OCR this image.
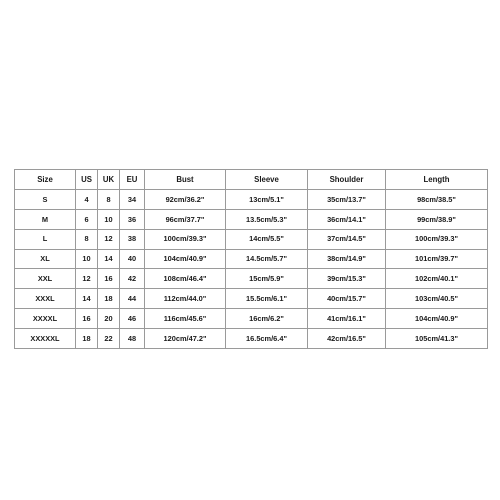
Size	US	UK	EU	Bust	Sleeve	Shoulder	Length
S	4	8	34	92cm/36.2"	13cm/5.1"	35cm/13.7"	98cm/38.5"
M	6	10	36	96cm/37.7"	13.5cm/5.3"	36cm/14.1"	99cm/38.9"
L	8	12	38	100cm/39.3"	14cm/5.5"	37cm/14.5"	100cm/39.3"
XL	10	14	40	104cm/40.9"	14.5cm/5.7"	38cm/14.9"	101cm/39.7"
XXL	12	16	42	108cm/46.4"	15cm/5.9"	39cm/15.3"	102cm/40.1"
XXXL	14	18	44	112cm/44.0"	15.5cm/6.1"	40cm/15.7"	103cm/40.5"
XXXXL	16	20	46	116cm/45.6"	16cm/6.2"	41cm/16.1"	104cm/40.9"
XXXXXL	18	22	48	120cm/47.2"	16.5cm/6.4"	42cm/16.5"	105cm/41.3"
